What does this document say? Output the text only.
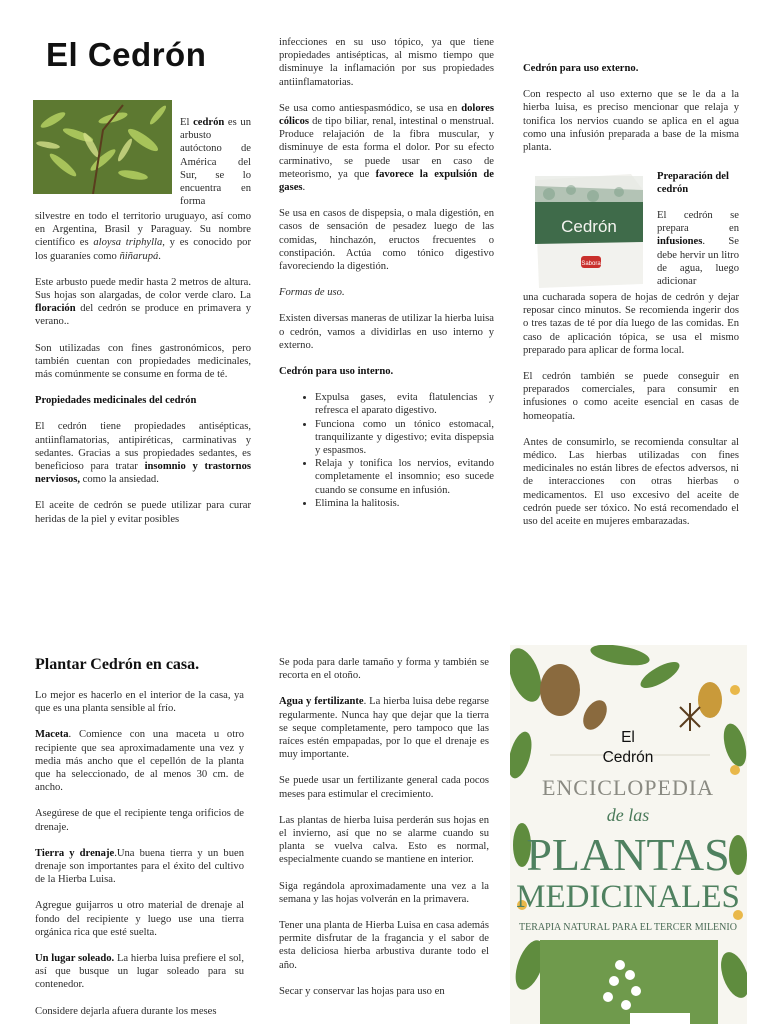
El Cedrón

El cedrón es un arbusto autóctono de América del Sur, se lo encuentra en forma

silvestre en todo el territorio uruguayo, así como en Argentina, Brasil y Paraguay. Su nombre científico es aloysa triphylla, y es conocido por los guaraníes como ñiñarupá.

Este arbusto puede medir hasta 2 metros de altura. Sus hojas son alargadas, de color verde claro. La floración del cedrón se produce en primavera y verano..

Son utilizadas con fines gastronómicos, pero también cuentan con propiedades medicinales, más comúnmente se consume en forma de té.

Propiedades medicinales del cedrón

El cedrón tiene propiedades antisépticas, antiinflamatorias, antipiréticas, carminativas y sedantes. Gracias a sus propiedades sedantes, es beneficioso para tratar insomnio y trastornos nerviosos, como la ansiedad.

El aceite de cedrón se puede utilizar para curar heridas de la piel y evitar posibles

infecciones en su uso tópico, ya que tiene propiedades antisépticas, al mismo tiempo que disminuye la inflamación por sus propiedades antiinflamatorias.

Se usa como antiespasmódico, se usa en dolores cólicos de tipo biliar, renal, intestinal o menstrual. Produce relajación de la fibra muscular, y disminuye de esta forma el dolor. Por su efecto carminativo, se puede usar en caso de meteorismo, ya que favorece la expulsión de gases.

Se usa en casos de dispepsia, o mala digestión, en casos de sensación de pesadez luego de las comidas, hinchazón, eructos frecuentes o constipación. Actúa como tónico digestivo favoreciendo la digestión.

Formas de uso.

Existen diversas maneras de utilizar la hierba luisa o cedrón, vamos a dividirlas en uso interno y externo.

Cedrón para uso interno.

• Expulsa gases, evita flatulencias y refresca el aparato digestivo.
• Funciona como un tónico estomacal, tranquilizante y digestivo; evita dispepsia y espasmos.
• Relaja y tonifica los nervios, evitando completamente el insomnio; eso sucede cuando se consume en infusión.
• Elimina la halitosis.

Cedrón para uso externo.

Con respecto al uso externo que se le da a la hierba luisa, es preciso mencionar que relaja y tonifica los nervios cuando se aplica en el agua como una infusión preparada a base de la misma planta.

Cedrón
Sabora
Preparación del cedrón

El cedrón se prepara en infusiones. Se debe hervir un litro de agua, luego adicionar

una cucharada sopera de hojas de cedrón y dejar reposar cinco minutos. Se recomienda ingerir dos o tres tazas de té por día luego de las comidas. En caso de aplicación tópica, se usa el mismo preparado para aplicar de forma local.

El cedrón también se puede conseguir en preparados comerciales, para consumir en infusiones o como aceite esencial en casas de homeopatía.

Antes de consumirlo, se recomienda consultar al médico. Las hierbas utilizadas con fines medicinales no están libres de efectos adversos, ni de interacciones con otras hierbas o medicamentos. El uso excesivo del aceite de cedrón puede ser tóxico. No está recomendado el uso del aceite en mujeres embarazadas.

Plantar Cedrón en casa.

Lo mejor es hacerlo en el interior de la casa, ya que es una planta sensible al frío.

Maceta. Comience con una maceta u otro recipiente que sea aproximadamente una vez y media más ancho que el cepellón de la planta que ha seleccionado, de al menos 30 cm. de ancho.

Asegúrese de que el recipiente tenga orificios de drenaje.

Tierra y drenaje.Una buena tierra y un buen drenaje son importantes para el éxito del cultivo de la Hierba Luisa.

Agregue guijarros u otro material de drenaje al fondo del recipiente y luego use una tierra orgánica rica que esté suelta.

Un lugar soleado. La hierba luisa prefiere el sol, así que busque un lugar soleado para su contenedor.

Considere dejarla afuera durante los meses

Se poda para darle tamaño y forma y también se recorta en el otoño.

Agua y fertilizante. La hierba luisa debe regarse regularmente. Nunca hay que dejar que la tierra se seque completamente, pero tampoco que las raíces estén empapadas, por lo que el drenaje es muy importante.

Se puede usar un fertilizante general cada pocos meses para estimular el crecimiento.

Las plantas de hierba luisa perderán sus hojas en el invierno, así que no se alarme cuando su planta se vuelva calva. Esto es normal, especialmente cuando se mantiene en interior.

Siga regándola aproximadamente una vez a la semana y las hojas volverán en la primavera.

Tener una planta de Hierba Luisa en casa además permite disfrutar de la fragancia y el sabor de esta deliciosa hierba arbustiva durante todo el año.

Secar y conservar las hojas para uso en

ENCICLOPEDIA
de las
PLANTAS
MEDICINALES
TERAPIA NATURAL PARA EL TERCER MILENIO
El
Cedrón
